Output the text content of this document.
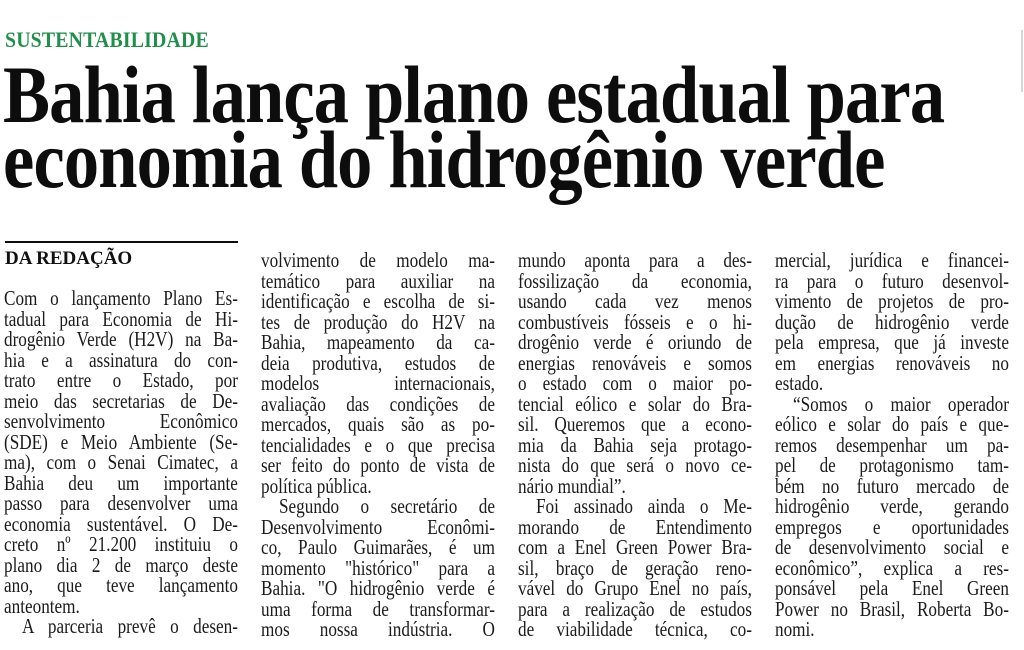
SUSTENTABILIDADE
Bahia lança plano estadual para
economia do hidrogênio verde
DA REDAÇÃO
Com o lançamento Plano Es-
tadual para Economia de Hi-
drogênio Verde (H2V) na Ba-
hia e a assinatura do con-
trato entre o Estado, por
meio das secretarias de De-
senvolvimento Econômico
(SDE) e Meio Ambiente (Se-
ma), com o Senai Cimatec, a
Bahia deu um importante
passo para desenvolver uma
economia sustentável. O De-
creto nº 21.200 instituiu o
plano dia 2 de março deste
ano, que teve lançamento
anteontem.
A parceria prevê o desen-
volvimento de modelo ma-
temático para auxiliar na
identificação e escolha de si-
tes de produção do H2V na
Bahia, mapeamento da ca-
deia produtiva, estudos de
modelos internacionais,
avaliação das condições de
mercados, quais são as po-
tencialidades e o que precisa
ser feito do ponto de vista de
política pública.
Segundo o secretário de
Desenvolvimento Econômi-
co, Paulo Guimarães, é um
momento "histórico" para a
Bahia. "O hidrogênio verde é
uma forma de transformar-
mos nossa indústria. O
mundo aponta para a des-
fossilização da economia,
usando cada vez menos
combustíveis fósseis e o hi-
drogênio verde é oriundo de
energias renováveis e somos
o estado com o maior po-
tencial eólico e solar do Bra-
sil. Queremos que a econo-
mia da Bahia seja protago-
nista do que será o novo ce-
nário mundial”.
Foi assinado ainda o Me-
morando de Entendimento
com a Enel Green Power Bra-
sil, braço de geração reno-
vável do Grupo Enel no país,
para a realização de estudos
de viabilidade técnica, co-
mercial, jurídica e financei-
ra para o futuro desenvol-
vimento de projetos de pro-
dução de hidrogênio verde
pela empresa, que já investe
em energias renováveis no
estado.
“Somos o maior operador
eólico e solar do país e que-
remos desempenhar um pa-
pel de protagonismo tam-
bém no futuro mercado de
hidrogênio verde, gerando
empregos e oportunidades
de desenvolvimento social e
econômico”, explica a res-
ponsável pela Enel Green
Power no Brasil, Roberta Bo-
nomi.
